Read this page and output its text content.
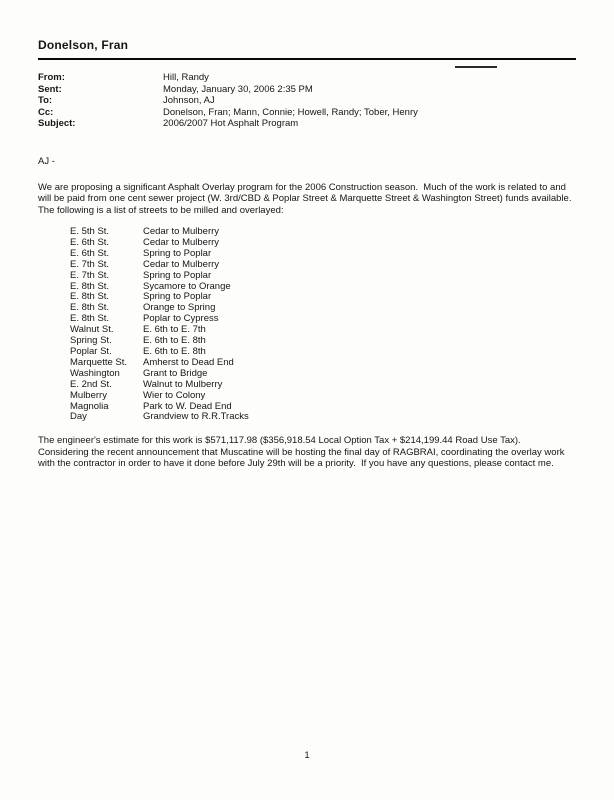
Donelson, Fran
From:	Hill, Randy
Sent:	Monday, January 30, 2006 2:35 PM
To:	Johnson, AJ
Cc:	Donelson, Fran; Mann, Connie; Howell, Randy; Tober, Henry
Subject:	2006/2007 Hot Asphalt Program
AJ -
We are proposing a significant Asphalt Overlay program for the 2006 Construction season.  Much of the work is related to and will be paid from one cent sewer project (W. 3rd/CBD & Poplar Street & Marquette Street & Washington Street) funds available.  The following is a list of streets to be milled and overlayed:
E. 5th St.	Cedar to Mulberry
E. 6th St.	Cedar to Mulberry
E. 6th St.	Spring to Poplar
E. 7th St.	Cedar to Mulberry
E. 7th St.	Spring to Poplar
E. 8th St.	Sycamore to Orange
E. 8th St.	Spring to Poplar
E. 8th St.	Orange to Spring
E. 8th St.	Poplar to Cypress
Walnut St.	E. 6th to E. 7th
Spring St.	E. 6th to E. 8th
Poplar St.	E. 6th to E. 8th
Marquette St.	Amherst to Dead End
Washington	Grant to Bridge
E. 2nd St.	Walnut to Mulberry
Mulberry	Wier to Colony
Magnolia	Park to W. Dead End
Day	Grandview to R.R.Tracks
The engineer's estimate for this work is $571,117.98 ($356,918.54 Local Option Tax + $214,199.44 Road Use Tax).  Considering the recent announcement that Muscatine will be hosting the final day of RAGBRAI, coordinating the overlay work with the contractor in order to have it done before July 29th will be a priority.  If you have any questions, please contact me.
1
